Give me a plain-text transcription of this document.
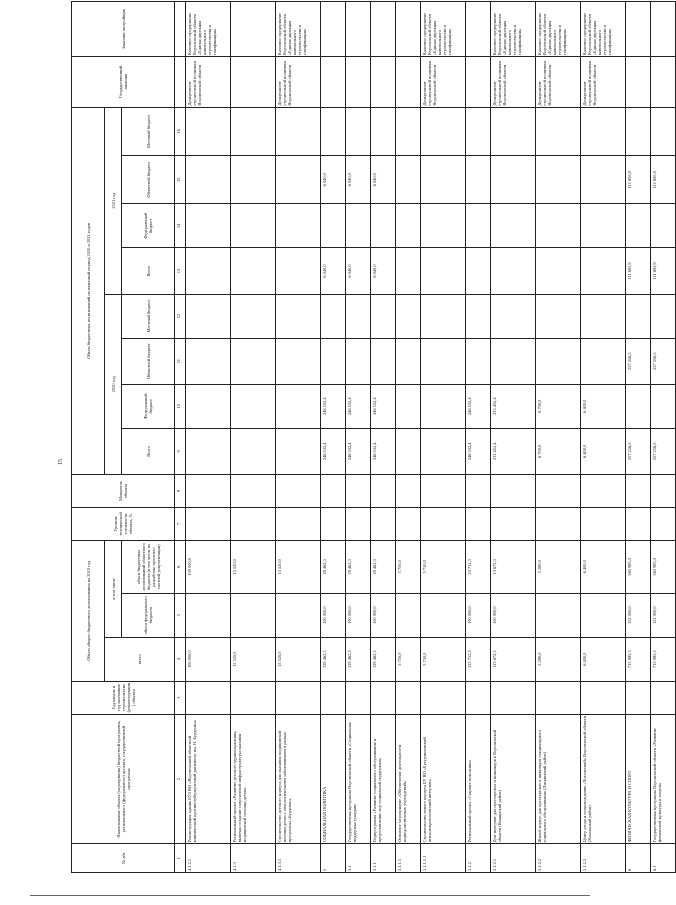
15
№ п/п	Наименование объекта (мероприятия) бюджетной программы, регионального (федерального) проекта, государственной программы	Год начала и год окончания строительства (реконструкции) объекта	Объем общего бюджетного ассигнования на 2019 год			Уровень технической готовности объекта, %	Мощность объекта	Объем бюджетных ассигнований на плановый период 2020 и 2021 годов								Государственный заказчик	Заказчик-застройщик
			всего	в том числе				2020 год				2021 год					
				объем федерального бюджета	объем бюджетных ассигнований областного бюджета (в том числе по разработке проектно-сметной документации)			Всего	Федеральный бюджет	Областной бюджет	Местный бюджет	Всего	Федеральный бюджет	Областной бюджет	Местный бюджет		
1	2	3	4	5	6	7	8	9	10	11	12	13	14	15	16		
4.1.2.1	Реконструкция здания БУЗ ВО «Воронежский областной клинический противотуберкулезный диспансер им. Н. Бурденко»		100 000,0		100 000,0											Департамент строительной политики Воронежской области	Казенное предприятие Воронежской области «Единая дирекция капитального строительства и газификации»
4.1.3	Региональный проект «Развитие детского здравоохранения, включая создание современной инфраструктуры оказания медицинской помощи детям»		15 520,0		15 520,0												
4.1.3.1	Строительство детского корпуса для оказания медицинской помощи детям с онкологическими заболеваниями в рамках программы «Бурденко»		15 520,0		15 520,0											Департамент строительной политики Воронежской области	Казенное предприятие Воронежской области «Единая дирекция капитального строительства и газификации»
5	СОЦИАЛЬНАЯ ПОЛИТИКА		129 462,3	100 000,0	29 462,3			246 532,4	246 532,4			6 040,0		6 040,0			
5.1	Государственная программа Воронежской области «Социальная поддержка граждан»		129 462,3	100 000,0	29 462,3			246 532,4	246 532,4			6 040,0		6 040,0			
5.1.1	Подпрограмма «Развитие социального обслуживания и предоставление мер социальной поддержки»		129 462,3	100 000,0	29 462,3			246 532,4	246 532,4			6 040,0		6 040,0			
5.1.1.1	Основное мероприятие «Обеспечение деятельности подведомственных учреждений»		5 750,0		5 750,0												
5.1.1.1.1	Строительство нового корпуса БУ ВО «Бутурлиновский психоневрологический интернат»		5 750,0		5 750,0											Департамент строительной политики Воронежской области	Казенное предприятие Воронежской области «Единая дирекция капитального строительства и газификации»
5.1.2	Региональный проект «Старшее поколение»		123 712,3	100 000,0	23 712,3			246 532,4	246 532,4								
5.1.2.1	Дом-интернат для престарелых и инвалидов в Воронежской области (Каширский район)		113 672,3	100 000,0	13 672,3			233 452,4	233 452,4							Департамент строительной политики Воронежской области	Казенное предприятие Воронежской области «Единая дирекция капитального строительства и газификации»
5.1.2.2	Жилой корпус для престарелых и инвалидов стационарного социального обслуживания (Лискинский район)		5 280,0		5 280,0			6 700,0	6 700,0							Департамент строительной политики Воронежской области	Казенное предприятие Воронежской области «Единая дирекция капитального строительства и газификации»
5.1.2.3	Центр ухода и сопровождения «Хохольский» Воронежской области (Хохольский район)		6 400,0		6 400,0			6 400,0	6 400,0							Департамент строительной политики Воронежской области	Казенное предприятие Воронежской области «Единая дирекция капитального строительства и газификации»
6	ФИЗИЧЕСКАЯ КУЛЬТУРА И СПОРТ		715 985,3	152 000,0	563 985,3			257 256,5		257 256,5		111 695,9		111 695,9			
6.1	Государственная программа Воронежской области «Развитие физической культуры и спорта»		715 985,3	152 000,0	563 985,3			257 256,5		257 256,5		111 695,9		111 695,9			
